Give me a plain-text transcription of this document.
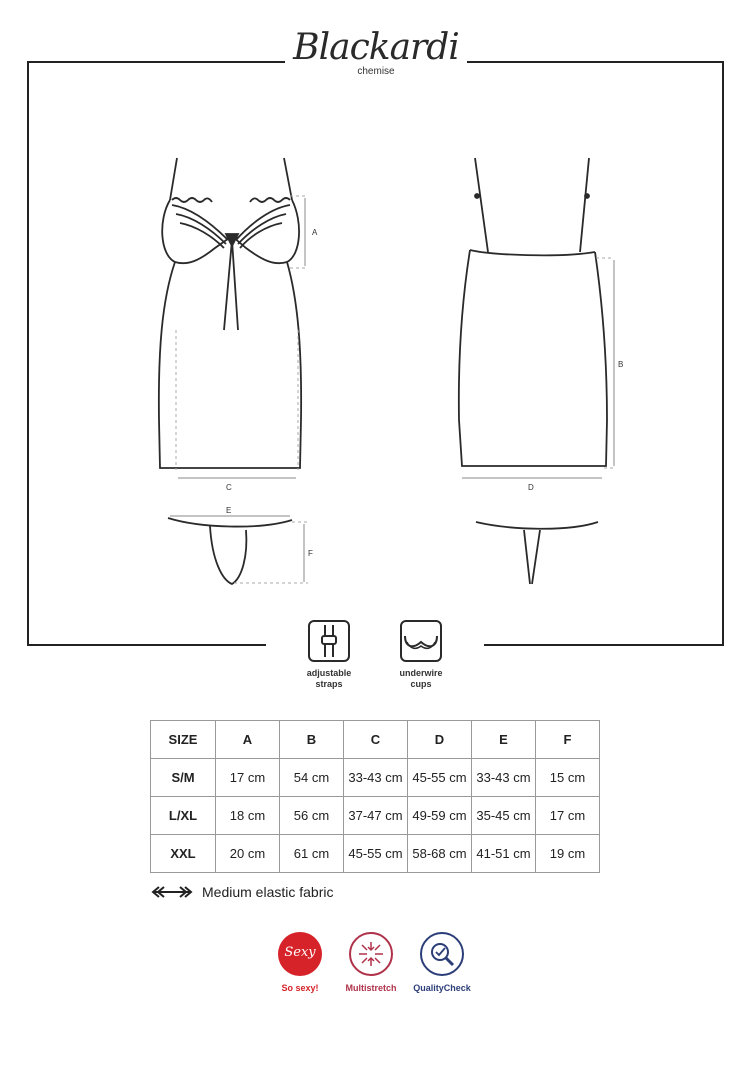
A
C
B
D
E
F
Blackardi
chemise
adjustable
straps
underwire
cups
SIZE	A	B	C	D	E	F
S/M	17 cm	54 cm	33-43 cm	45-55 cm	33-43 cm	15 cm
L/XL	18 cm	56 cm	37-47 cm	49-59 cm	35-45 cm	17 cm
XXL	20 cm	61 cm	45-55 cm	58-68 cm	41-51 cm	19 cm
Medium elastic fabric
Sexy
So sexy!	Multistretch	QualityCheck
